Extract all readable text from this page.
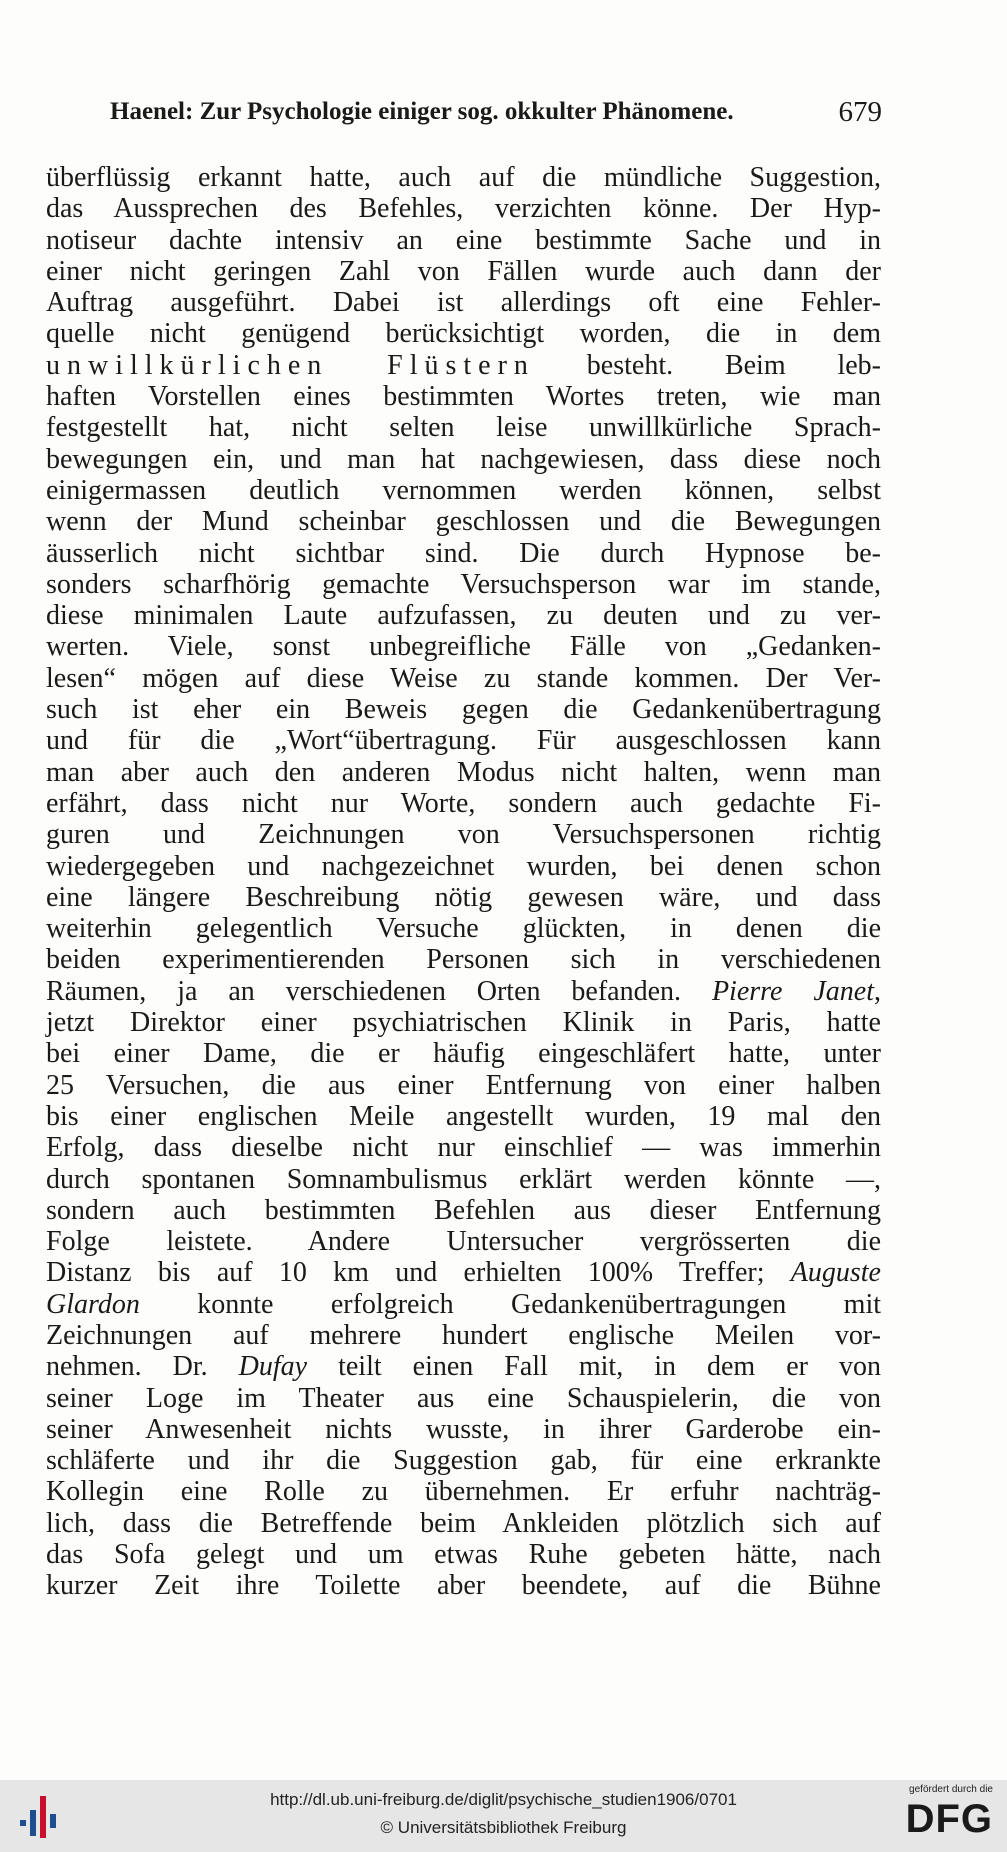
Haenel: Zur Psychologie einiger sog. okkulter Phänomene.	679
überflüssig erkannt hatte, auch auf die mündliche Suggestion,
das Aussprechen des Befehles, verzichten könne. Der Hyp-
notiseur dachte intensiv an eine bestimmte Sache und in
einer nicht geringen Zahl von Fällen wurde auch dann der
Auftrag ausgeführt. Dabei ist allerdings oft eine Fehler-
quelle nicht genügend berücksichtigt worden, die in dem
unwillkürlichen Flüstern besteht. Beim leb-
haften Vorstellen eines bestimmten Wortes treten, wie man
festgestellt hat, nicht selten leise unwillkürliche Sprach-
bewegungen ein, und man hat nachgewiesen, dass diese noch
einigermassen deutlich vernommen werden können, selbst
wenn der Mund scheinbar geschlossen und die Bewegungen
äusserlich nicht sichtbar sind. Die durch Hypnose be-
sonders scharfhörig gemachte Versuchsperson war im stande,
diese minimalen Laute aufzufassen, zu deuten und zu ver-
werten. Viele, sonst unbegreifliche Fälle von „Gedanken-
lesen“ mögen auf diese Weise zu stande kommen. Der Ver-
such ist eher ein Beweis gegen die Gedankenübertragung
und für die „Wort“übertragung. Für ausgeschlossen kann
man aber auch den anderen Modus nicht halten, wenn man
erfährt, dass nicht nur Worte, sondern auch gedachte Fi-
guren und Zeichnungen von Versuchspersonen richtig
wiedergegeben und nachgezeichnet wurden, bei denen schon
eine längere Beschreibung nötig gewesen wäre, und dass
weiterhin gelegentlich Versuche glückten, in denen die
beiden experimentierenden Personen sich in verschiedenen
Räumen, ja an verschiedenen Orten befanden. Pierre Janet,
jetzt Direktor einer psychiatrischen Klinik in Paris, hatte
bei einer Dame, die er häufig eingeschläfert hatte, unter
25 Versuchen, die aus einer Entfernung von einer halben
bis einer englischen Meile angestellt wurden, 19 mal den
Erfolg, dass dieselbe nicht nur einschlief — was immerhin
durch spontanen Somnambulismus erklärt werden könnte —,
sondern auch bestimmten Befehlen aus dieser Entfernung
Folge leistete. Andere Untersucher vergrösserten die
Distanz bis auf 10 km und erhielten 100% Treffer; Auguste
Glardon konnte erfolgreich Gedankenübertragungen mit
Zeichnungen auf mehrere hundert englische Meilen vor-
nehmen. Dr. Dufay teilt einen Fall mit, in dem er von
seiner Loge im Theater aus eine Schauspielerin, die von
seiner Anwesenheit nichts wusste, in ihrer Garderobe ein-
schläferte und ihr die Suggestion gab, für eine erkrankte
Kollegin eine Rolle zu übernehmen. Er erfuhr nachträg-
lich, dass die Betreffende beim Ankleiden plötzlich sich auf
das Sofa gelegt und um etwas Ruhe gebeten hätte, nach
kurzer Zeit ihre Toilette aber beendete, auf die Bühne
http://dl.ub.uni-freiburg.de/diglit/psychische_studien1906/0701
© Universitätsbibliothek Freiburg
gefördert durch die
DFG
